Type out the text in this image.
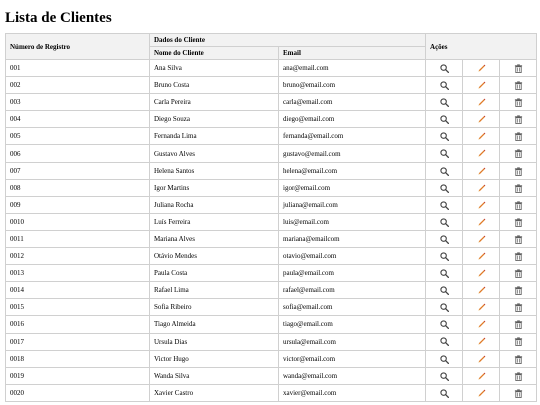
Lista de Clientes
Número de Registro	Dados do Cliente		Ações		
	Nome do Cliente	Email			
001	Ana Silva	ana@email.com	

002	Bruno Costa	bruno@email.com	

003	Carla Pereira	carla@email.com	

004	Diego Souza	diego@email.com	

005	Fernanda Lima	fernanda@email.com	

006	Gustavo Alves	gustavo@email.com	

007	Helena Santos	helena@email.com	

008	Igor Martins	igor@email.com	

009	Juliana Rocha	juliana@email.com	

0010	Luís Ferreira	luis@email.com	

0011	Mariana Alves	mariana@emailcom	

0012	Otávio Mendes	otavio@email.com	

0013	Paula Costa	paula@email.com	

0014	Rafael Lima	rafael@email.com	

0015	Sofia Ribeiro	sofia@email.com	

0016	Tiago Almeida	tiago@email.com	

0017	Ursula Dias	ursula@email.com	

0018	Victor Hugo	victor@email.com	

0019	Wanda Silva	wanda@email.com	

0020	Xavier Castro	xavier@email.com	
